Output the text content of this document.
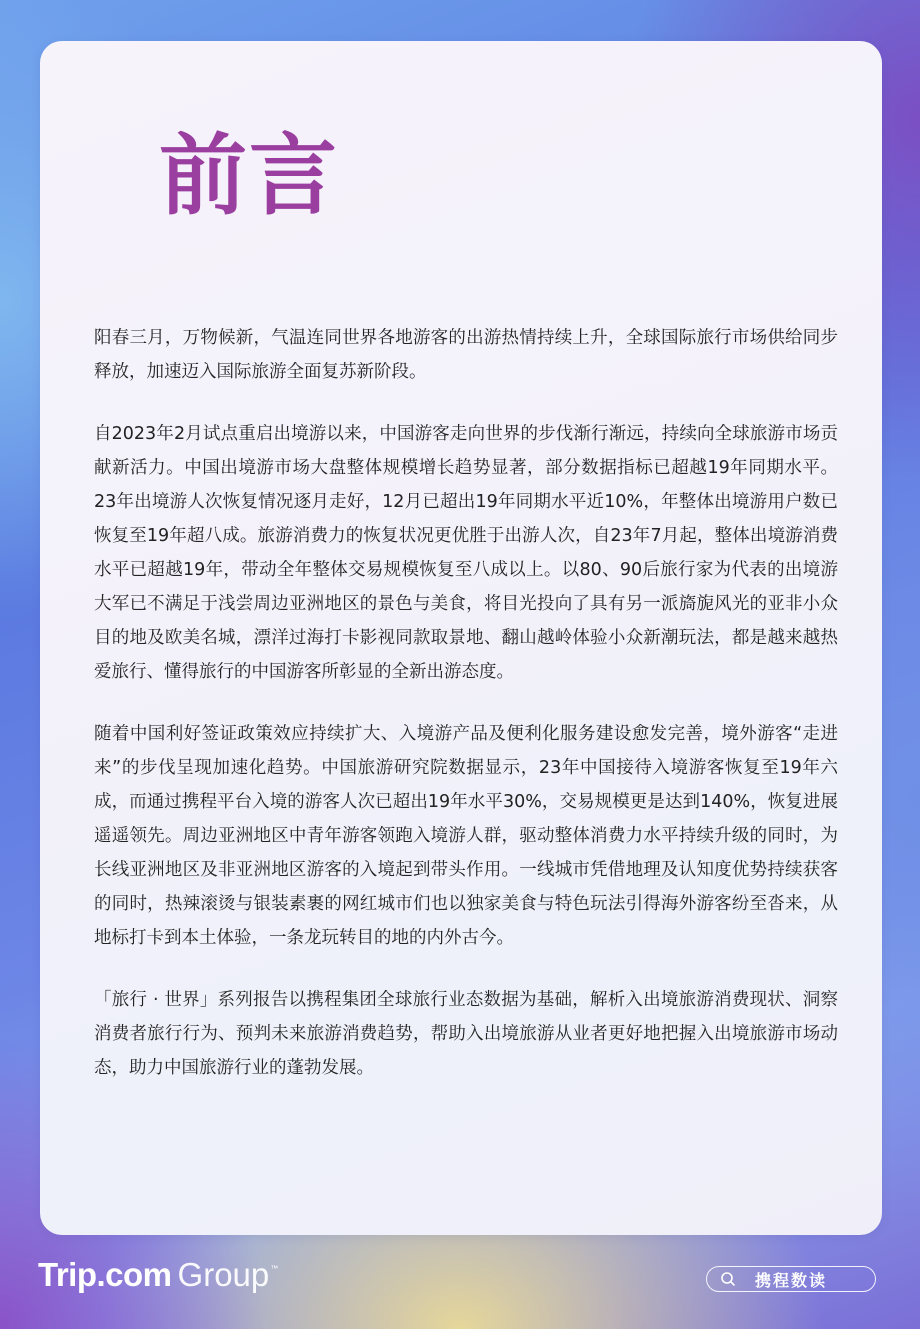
前言

阳春三月，万物候新，气温连同世界各地游客的出游热情持续上升，全球国际旅行市场供给同步释放，加速迈入国际旅游全面复苏新阶段。

自2023年2月试点重启出境游以来，中国游客走向世界的步伐渐行渐远，持续向全球旅游市场贡献新活力。中国出境游市场大盘整体规模增长趋势显著，部分数据指标已超越19年同期水平。23年出境游人次恢复情况逐月走好，12月已超出19年同期水平近10%，年整体出境游用户数已恢复至19年超八成。旅游消费力的恢复状况更优胜于出游人次，自23年7月起，整体出境游消费水平已超越19年，带动全年整体交易规模恢复至八成以上。以80、90后旅行家为代表的出境游大军已不满足于浅尝周边亚洲地区的景色与美食，将目光投向了具有另一派旖旎风光的亚非小众目的地及欧美名城，漂洋过海打卡影视同款取景地、翻山越岭体验小众新潮玩法，都是越来越热爱旅行、懂得旅行的中国游客所彰显的全新出游态度。

随着中国利好签证政策效应持续扩大、入境游产品及便利化服务建设愈发完善，境外游客“走进来”的步伐呈现加速化趋势。中国旅游研究院数据显示，23年中国接待入境游客恢复至19年六成，而通过携程平台入境的游客人次已超出19年水平30%，交易规模更是达到140%，恢复进展遥遥领先。周边亚洲地区中青年游客领跑入境游人群，驱动整体消费力水平持续升级的同时，为长线亚洲地区及非亚洲地区游客的入境起到带头作用。一线城市凭借地理及认知度优势持续获客的同时，热辣滚烫与银装素裹的网红城市们也以独家美食与特色玩法引得海外游客纷至沓来，从地标打卡到本土体验，一条龙玩转目的地的内外古今。

「旅行 · 世界」系列报告以携程集团全球旅行业态数据为基础，解析入出境旅游消费现状、洞察消费者旅行行为、预判未来旅游消费趋势，帮助入出境旅游从业者更好地把握入出境旅游市场动态，助力中国旅游行业的蓬勃发展。

Trip.com Group ™
携程数读
